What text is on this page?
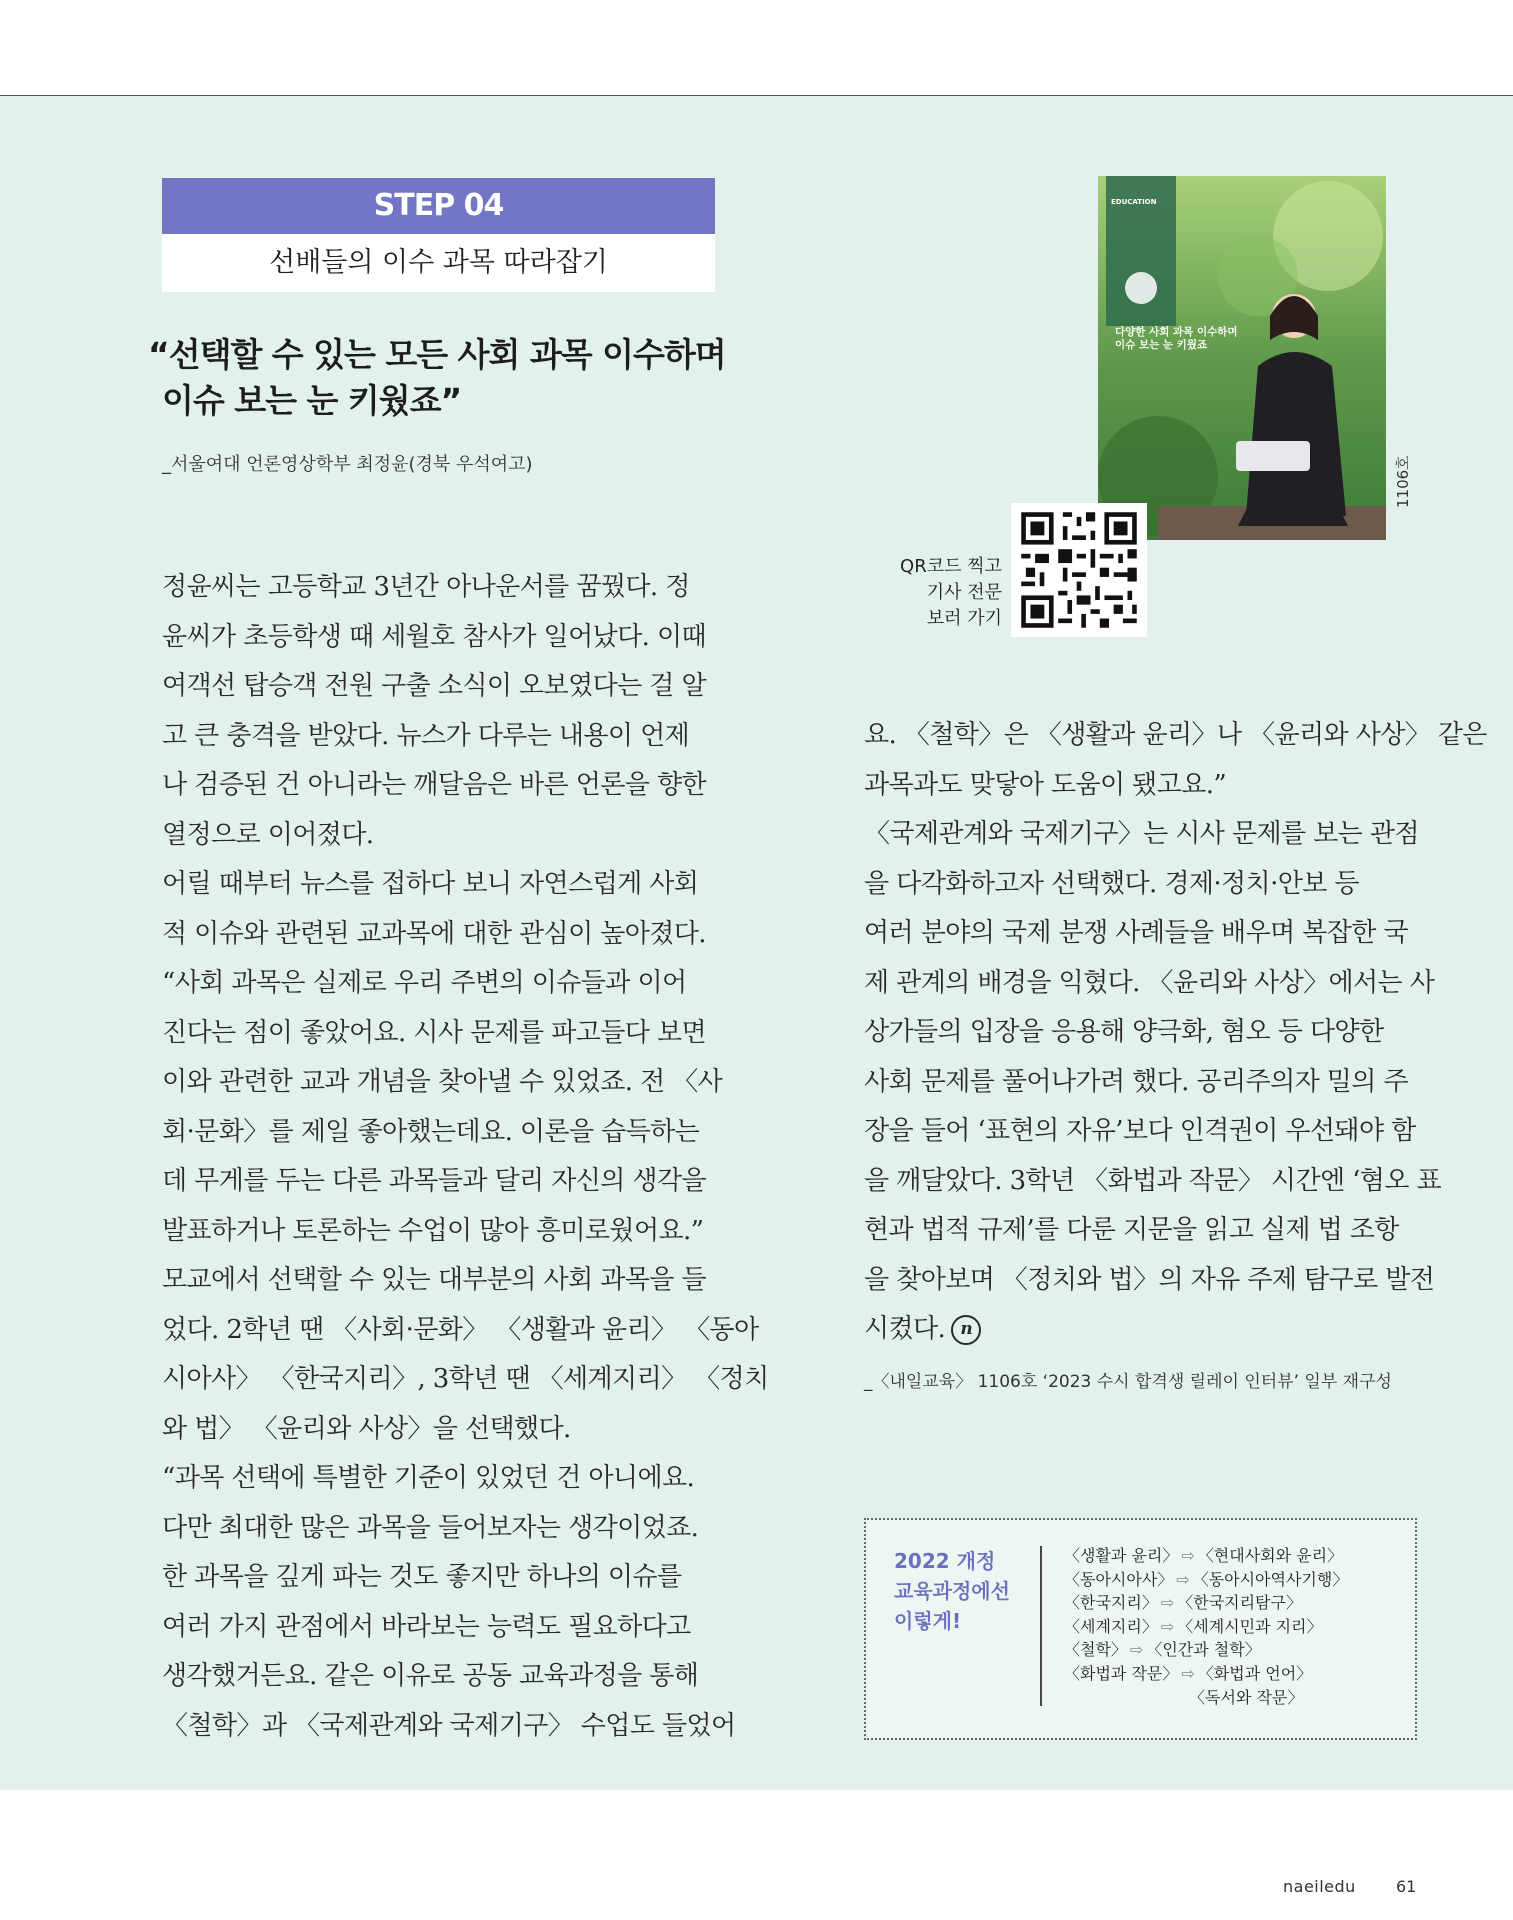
STEP 04
선배들의 이수 과목 따라잡기
“선택할 수 있는 모든 사회 과목 이수하며
이슈 보는 눈 키웠죠”
_서울여대 언론영상학부 최정윤(경북 우석여고)

정윤씨는 고등학교 3년간 아나운서를 꿈꿨다. 정

윤씨가 초등학생 때 세월호 참사가 일어났다. 이때

여객선 탑승객 전원 구출 소식이 오보였다는 걸 알

고 큰 충격을 받았다. 뉴스가 다루는 내용이 언제

나 검증된 건 아니라는 깨달음은 바른 언론을 향한

열정으로 이어졌다.

어릴 때부터 뉴스를 접하다 보니 자연스럽게 사회

적 이슈와 관련된 교과목에 대한 관심이 높아졌다.

“사회 과목은 실제로 우리 주변의 이슈들과 이어

진다는 점이 좋았어요. 시사 문제를 파고들다 보면

이와 관련한 교과 개념을 찾아낼 수 있었죠. 전 〈사

회·문화〉를 제일 좋아했는데요. 이론을 습득하는

데 무게를 두는 다른 과목들과 달리 자신의 생각을

발표하거나 토론하는 수업이 많아 흥미로웠어요.”

모교에서 선택할 수 있는 대부분의 사회 과목을 들

었다. 2학년 땐 〈사회·문화〉 〈생활과 윤리〉 〈동아

시아사〉 〈한국지리〉, 3학년 땐 〈세계지리〉 〈정치

와 법〉 〈윤리와 사상〉을 선택했다.

“과목 선택에 특별한 기준이 있었던 건 아니에요.

다만 최대한 많은 과목을 들어보자는 생각이었죠.

한 과목을 깊게 파는 것도 좋지만 하나의 이슈를

여러 가지 관점에서 바라보는 능력도 필요하다고

생각했거든요. 같은 이유로 공동 교육과정을 통해

〈철학〉과 〈국제관계와 국제기구〉 수업도 들었어

요. 〈철학〉은 〈생활과 윤리〉나 〈윤리와 사상〉 같은

과목과도 맞닿아 도움이 됐고요.”

〈국제관계와 국제기구〉는 시사 문제를 보는 관점

을 다각화하고자 선택했다. 경제·정치·안보 등

여러 분야의 국제 분쟁 사례들을 배우며 복잡한 국

제 관계의 배경을 익혔다. 〈윤리와 사상〉에서는 사

상가들의 입장을 응용해 양극화, 혐오 등 다양한

사회 문제를 풀어나가려 했다. 공리주의자 밀의 주

장을 들어 ‘표현의 자유’보다 인격권이 우선돼야 함

을 깨달았다. 3학년 〈화법과 작문〉 시간엔 ‘혐오 표

현과 법적 규제’를 다룬 지문을 읽고 실제 법 조항

을 찾아보며 〈정치와 법〉의 자유 주제 탐구로 발전

시켰다. n

_〈내일교육〉 1106호 ‘2023 수시 합격생 릴레이 인터뷰’ 일부 재구성
EDUCATION
다양한 사회 과목 이수하며
이슈 보는 눈 키웠죠
1106호
QR코드 찍고
기사 전문
보러 가기
2022 개정
교육과정에선
이렇게!
〈생활과 윤리〉 ⇨ 〈현대사회와 윤리〉
〈동아시아사〉 ⇨ 〈동아시아역사기행〉
〈한국지리〉 ⇨ 〈한국지리탐구〉
〈세계지리〉 ⇨ 〈세계시민과 지리〉
〈철학〉 ⇨ 〈인간과 철학〉
〈화법과 작문〉 ⇨ 〈화법과 언어〉
〈독서와 작문〉
naeiledu	61
